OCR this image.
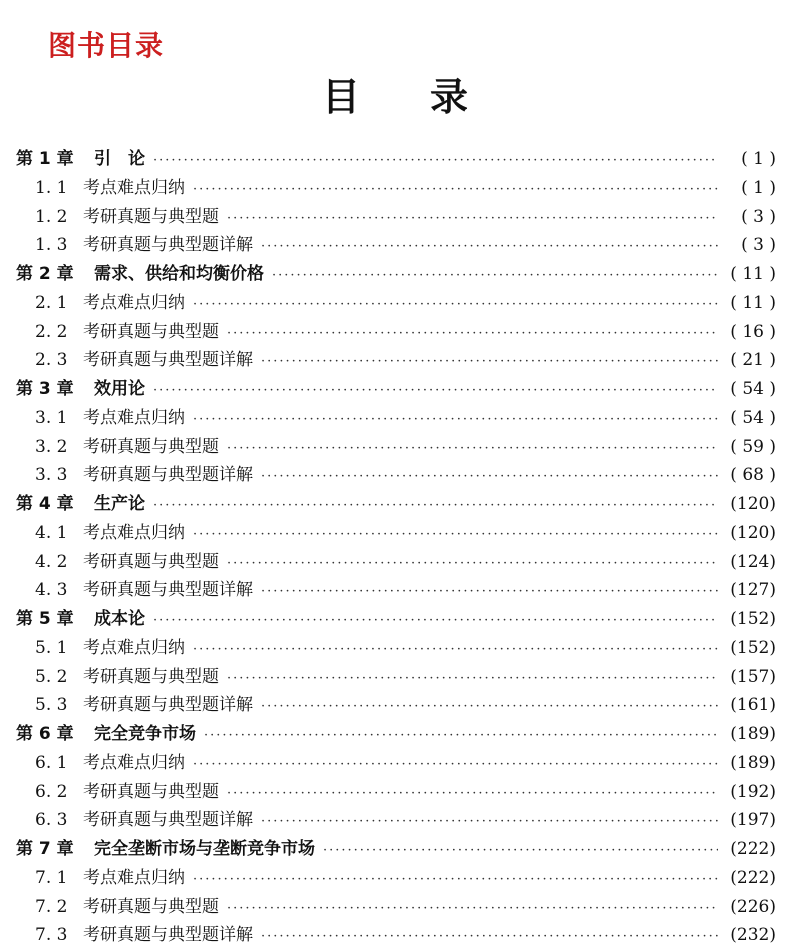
图书目录
目录
第 1 章	引　论 ·····	( 1 )
1. 1 考点难点归纳 ·····	( 1 )
1. 2 考研真题与典型题 ·····	( 3 )
1. 3 考研真题与典型题详解 ·····	( 3 )
第 2 章	需求、供给和均衡价格 ·····	( 11 )
2. 1 考点难点归纳 ·····	( 11 )
2. 2 考研真题与典型题 ·····	( 16 )
2. 3 考研真题与典型题详解 ·····	( 21 )
第 3 章	效用论 ·····	( 54 )
3. 1 考点难点归纳 ·····	( 54 )
3. 2 考研真题与典型题 ·····	( 59 )
3. 3 考研真题与典型题详解 ·····	( 68 )
第 4 章	生产论 ·····	(120)
4. 1 考点难点归纳 ·····	(120)
4. 2 考研真题与典型题 ·····	(124)
4. 3 考研真题与典型题详解 ·····	(127)
第 5 章	成本论 ·····	(152)
5. 1 考点难点归纳 ·····	(152)
5. 2 考研真题与典型题 ·····	(157)
5. 3 考研真题与典型题详解 ·····	(161)
第 6 章	完全竞争市场 ·····	(189)
6. 1 考点难点归纳 ·····	(189)
6. 2 考研真题与典型题 ·····	(192)
6. 3 考研真题与典型题详解 ·····	(197)
第 7 章	完全垄断市场与垄断竞争市场 ·····	(222)
7. 1 考点难点归纳 ·····	(222)
7. 2 考研真题与典型题 ·····	(226)
7. 3 考研真题与典型题详解 ·····	(232)
